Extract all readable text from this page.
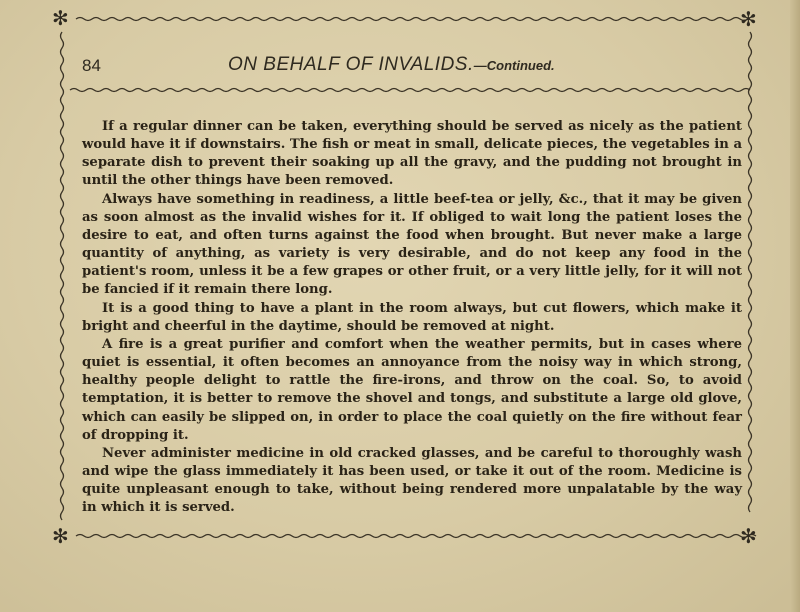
✻	✻
✻	✻
84	ON BEHALF OF INVALIDS.—Continued.

If a regular dinner can be taken, everything should be served as nicely as the patient would have it if downstairs. The fish or meat in small, delicate pieces, the vegetables in a separate dish to prevent their soaking up all the gravy, and the pudding not brought in until the other things have been removed.

Always have something in readiness, a little beef-tea or jelly, &c., that it may be given as soon almost as the invalid wishes for it. If obliged to wait long the patient loses the desire to eat, and often turns against the food when brought. But never make a large quantity of anything, as variety is very desirable, and do not keep any food in the patient's room, unless it be a few grapes or other fruit, or a very little jelly, for it will not be fancied if it remain there long.

It is a good thing to have a plant in the room always, but cut flowers, which make it bright and cheerful in the daytime, should be removed at night.

A fire is a great purifier and comfort when the weather permits, but in cases where quiet is essential, it often becomes an annoyance from the noisy way in which strong, healthy people delight to rattle the fire-irons, and throw on the coal. So, to avoid temptation, it is better to remove the shovel and tongs, and substitute a large old glove, which can easily be slipped on, in order to place the coal quietly on the fire without fear of dropping it.

Never administer medicine in old cracked glasses, and be careful to thoroughly wash and wipe the glass immediately it has been used, or take it out of the room. Medicine is quite unpleasant enough to take, without being rendered more unpalatable by the way in which it is served.
